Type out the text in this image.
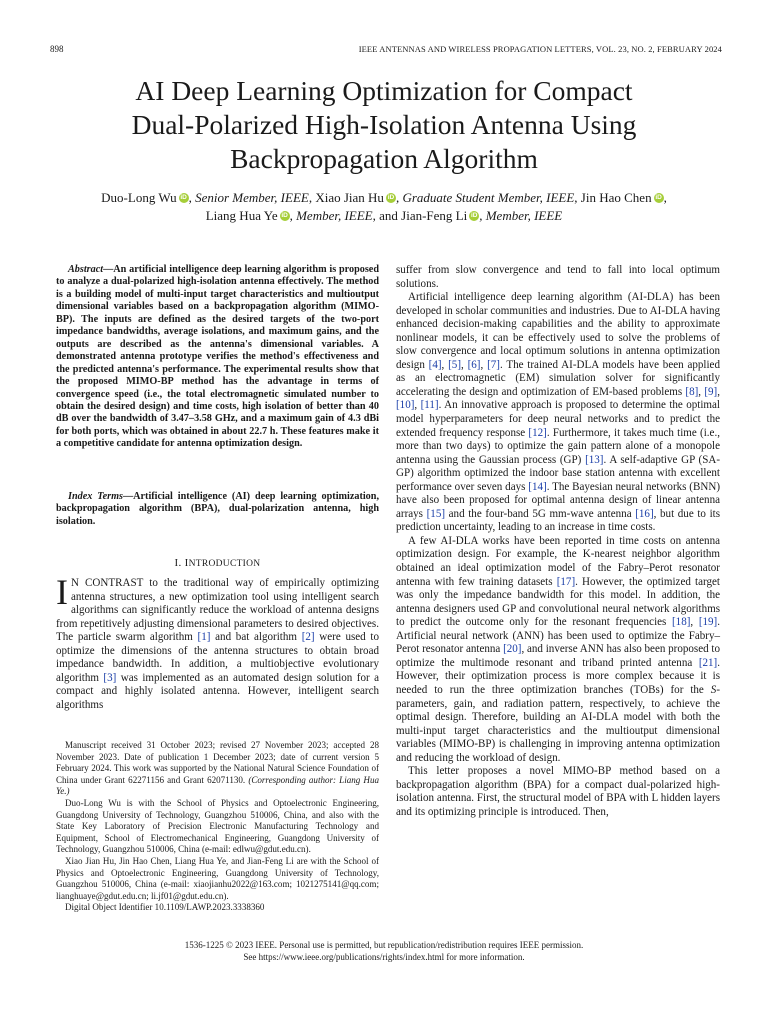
898	IEEE ANTENNAS AND WIRELESS PROPAGATION LETTERS, VOL. 23, NO. 2, FEBRUARY 2024
AI Deep Learning Optimization for Compact
Dual-Polarized High-Isolation Antenna Using
Backpropagation Algorithm
Duo-Long Wu iD , Senior Member, IEEE, Xiao Jian Hu iD , Graduate Student Member, IEEE, Jin Hao Chen iD ,
Liang Hua Ye iD , Member, IEEE, and Jian-Feng Li iD , Member, IEEE

Abstract—An artificial intelligence deep learning algorithm is proposed to analyze a dual-polarized high-isolation antenna effectively. The method is a building model of multi-input target characteristics and multioutput dimensional variables based on a backpropagation algorithm (MIMO-BP). The inputs are defined as the desired targets of the two-port impedance bandwidths, average isolations, and maximum gains, and the outputs are described as the antenna's dimensional variables. A demonstrated antenna prototype verifies the method's effectiveness and the predicted antenna's performance. The experimental results show that the proposed MIMO-BP method has the advantage in terms of convergence speed (i.e., the total electromagnetic simulated number to obtain the desired design) and time costs, high isolation of better than 40 dB over the bandwidth of 3.47–3.58 GHz, and a maximum gain of 4.3 dBi for both ports, which was obtained in about 22.7 h. These features make it a competitive candidate for antenna optimization design.

Index Terms—Artificial intelligence (AI) deep learning optimization, backpropagation algorithm (BPA), dual-polarization antenna, high isolation.

I. INTRODUCTION

I N CONTRAST to the traditional way of empirically optimizing antenna structures, a new optimization tool using intelligent search algorithms can significantly reduce the workload of antenna designs from repetitively adjusting dimensional parameters to desired objectives. The particle swarm algorithm [1] and bat algorithm [2] were used to optimize the dimensions of the antenna structures to obtain broad impedance bandwidth. In addition, a multiobjective evolutionary algorithm [3] was implemented as an automated design solution for a compact and highly isolated antenna. However, intelligent search algorithms

Manuscript received 31 October 2023; revised 27 November 2023; accepted 28 November 2023. Date of publication 1 December 2023; date of current version 5 February 2024. This work was supported by the National Natural Science Foundation of China under Grant 62271156 and Grant 62071130. (Corresponding author: Liang Hua Ye.)

Duo-Long Wu is with the School of Physics and Optoelectronic Engineering, Guangdong University of Technology, Guangzhou 510006, China, and also with the State Key Laboratory of Precision Electronic Manufacturing Technology and Equipment, School of Electromechanical Engineering, Guangdong University of Technology, Guangzhou 510006, China (e-mail: edlwu@gdut.edu.cn).

Xiao Jian Hu, Jin Hao Chen, Liang Hua Ye, and Jian-Feng Li are with the School of Physics and Optoelectronic Engineering, Guangdong University of Technology, Guangzhou 510006, China (e-mail: xiaojianhu2022@163.com; 1021275141@qq.com; lianghuaye@gdut.edu.cn; li.jf01@gdut.edu.cn).

Digital Object Identifier 10.1109/LAWP.2023.3338360

suffer from slow convergence and tend to fall into local optimum solutions.

Artificial intelligence deep learning algorithm (AI-DLA) has been developed in scholar communities and industries. Due to AI-DLA having enhanced decision-making capabilities and the ability to approximate nonlinear models, it can be effectively used to solve the problems of slow convergence and local optimum solutions in antenna optimization design [4], [5], [6], [7]. The trained AI-DLA models have been applied as an electromagnetic (EM) simulation solver for significantly accelerating the design and optimization of EM-based problems [8], [9], [10], [11]. An innovative approach is proposed to determine the optimal model hyperparameters for deep neural networks and to predict the extended frequency response [12]. Furthermore, it takes much time (i.e., more than two days) to optimize the gain pattern alone of a monopole antenna using the Gaussian process (GP) [13]. A self-adaptive GP (SA-GP) algorithm optimized the indoor base station antenna with excellent performance over seven days [14]. The Bayesian neural networks (BNN) have also been proposed for optimal antenna design of linear antenna arrays [15] and the four-band 5G mm-wave antenna [16], but due to its prediction uncertainty, leading to an increase in time costs.

A few AI-DLA works have been reported in time costs on antenna optimization design. For example, the K-nearest neighbor algorithm obtained an ideal optimization model of the Fabry–Perot resonator antenna with few training datasets [17]. However, the optimized target was only the impedance bandwidth for this model. In addition, the antenna designers used GP and convolutional neural network algorithms to predict the outcome only for the resonant frequencies [18], [19]. Artificial neural network (ANN) has been used to optimize the Fabry–Perot resonator antenna [20], and inverse ANN has also been proposed to optimize the multimode resonant and triband printed antenna [21]. However, their optimization process is more complex because it is needed to run the three optimization branches (TOBs) for the S-parameters, gain, and radiation pattern, respectively, to achieve the optimal design. Therefore, building an AI-DLA model with both the multi-input target characteristics and the multioutput dimensional variables (MIMO-BP) is challenging in improving antenna optimization and reducing the workload of design.

This letter proposes a novel MIMO-BP method based on a backpropagation algorithm (BPA) for a compact dual-polarized high-isolation antenna. First, the structural model of BPA with L hidden layers and its optimizing principle is introduced. Then,

1536-1225 © 2023 IEEE. Personal use is permitted, but republication/redistribution requires IEEE permission.
See https://www.ieee.org/publications/rights/index.html for more information.
